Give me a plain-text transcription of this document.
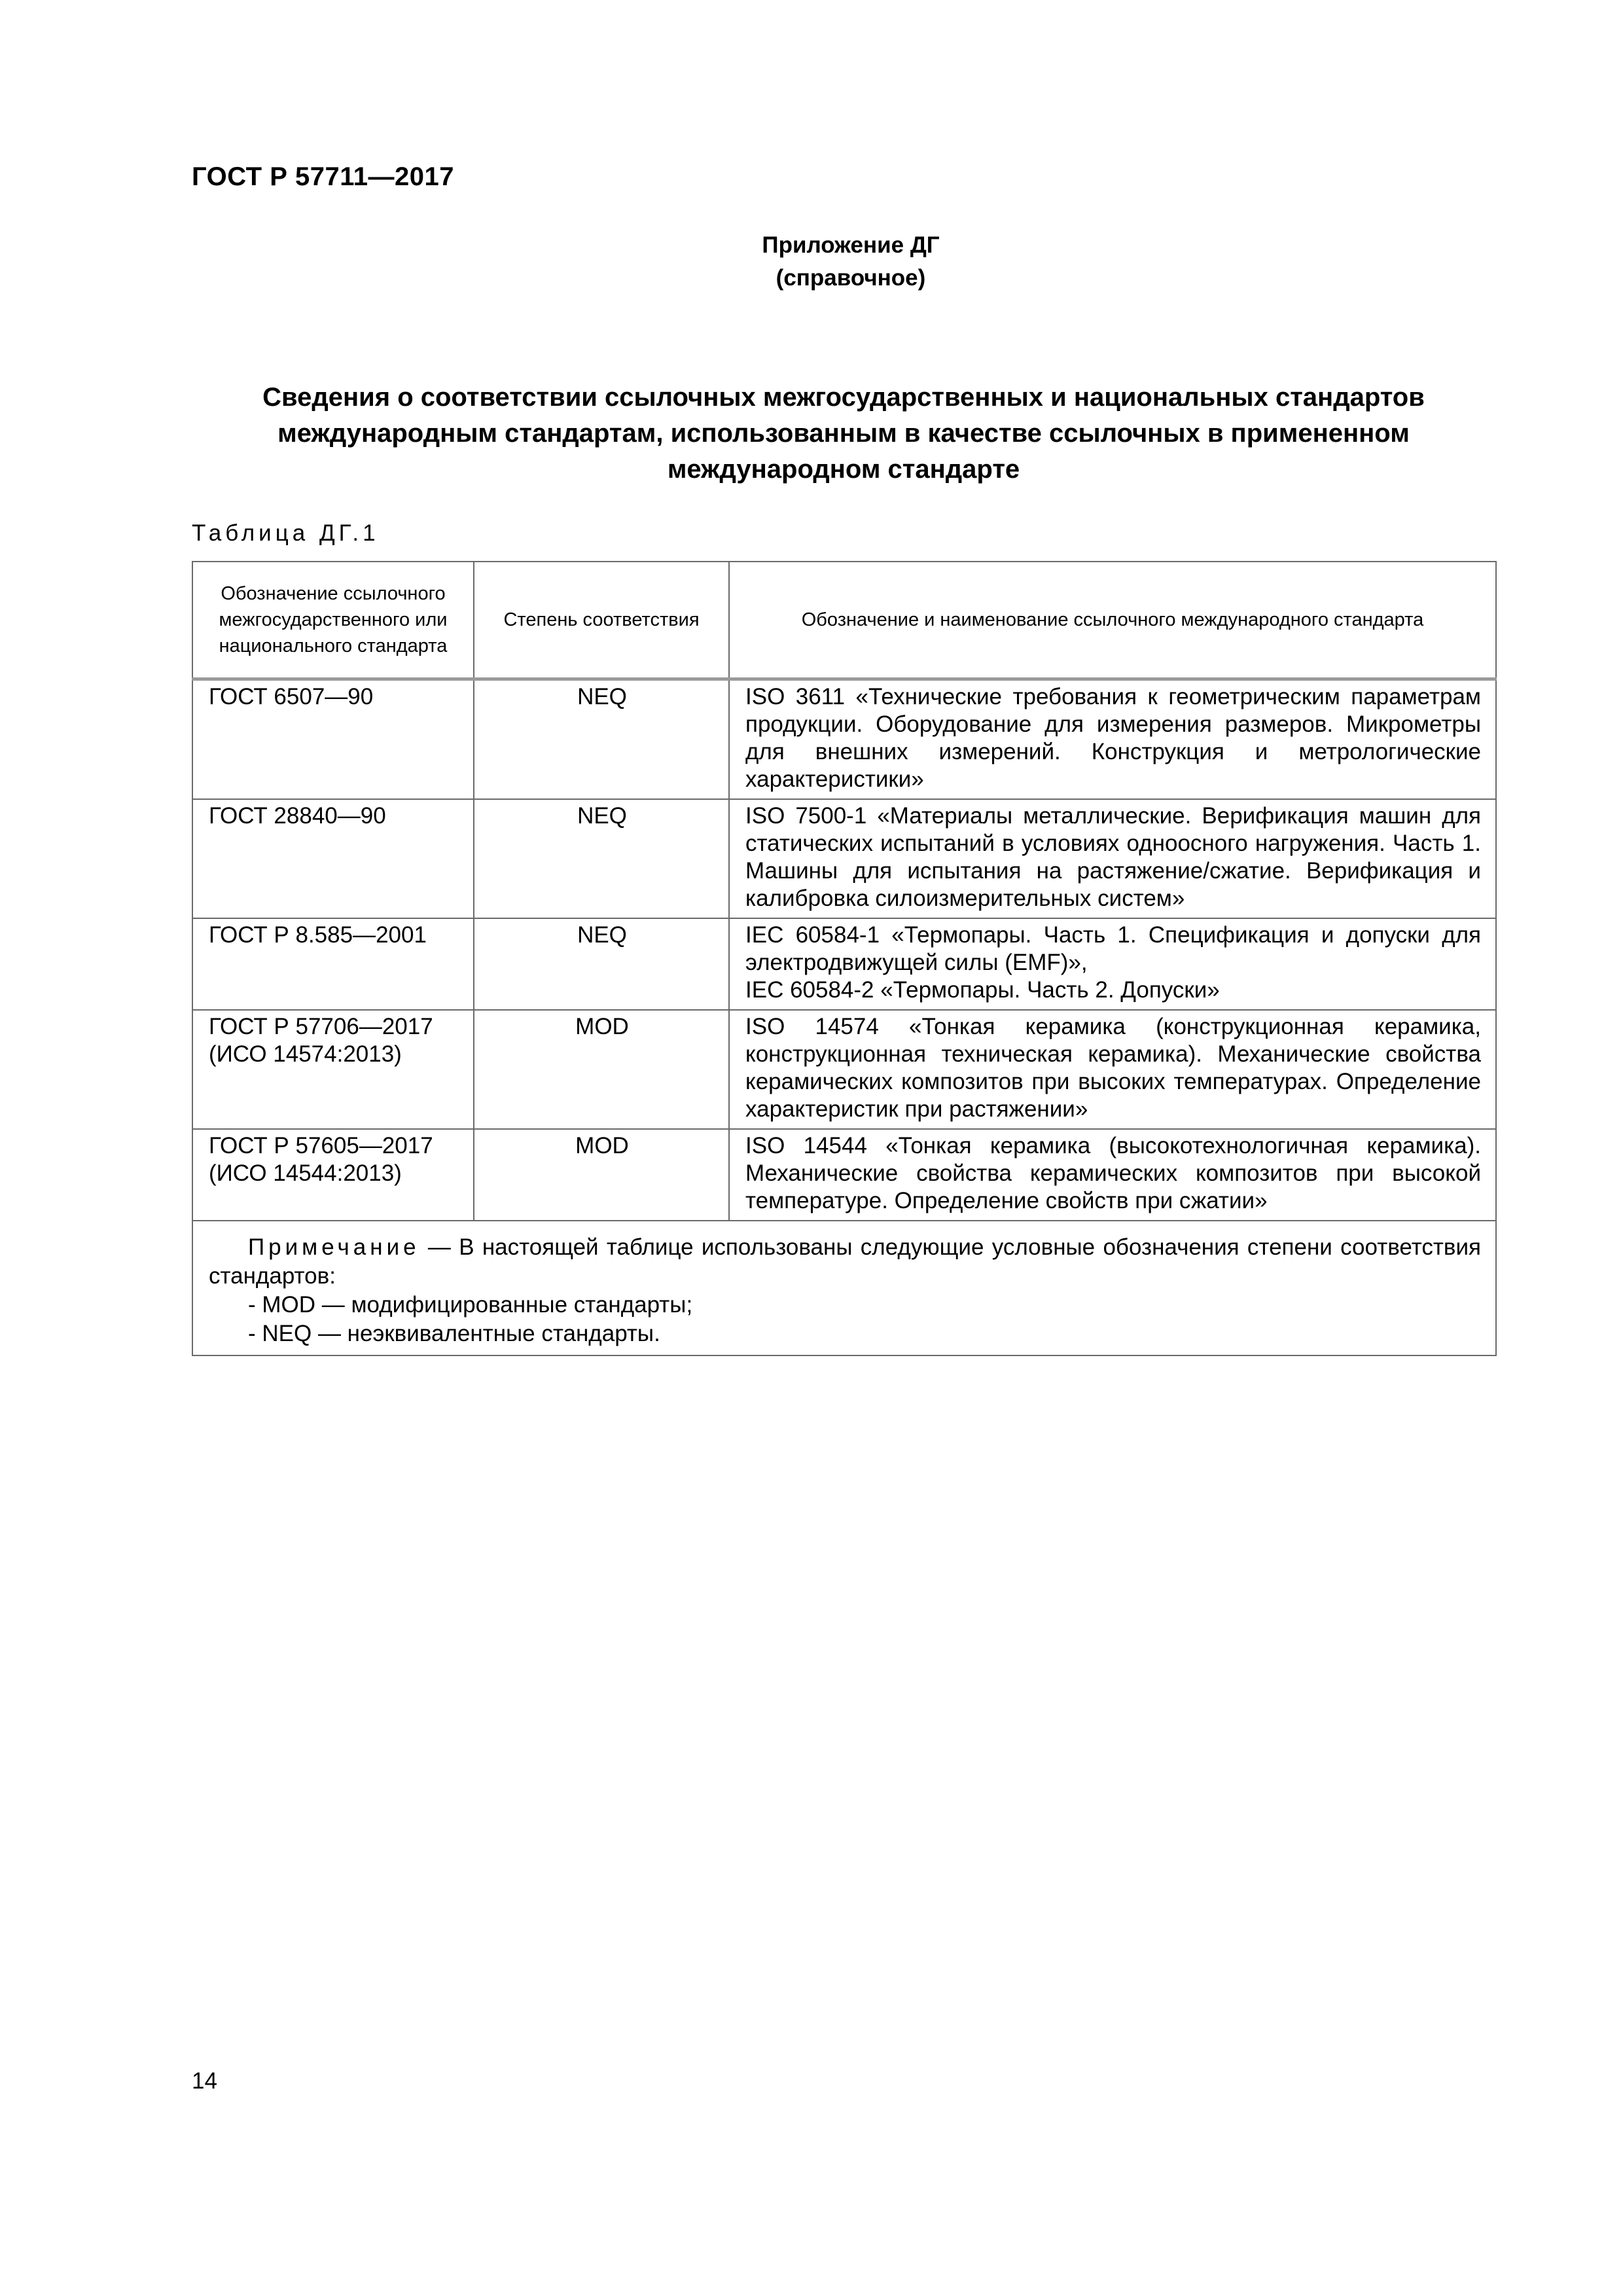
ГОСТ Р 57711—2017
Приложение ДГ
(справочное)
Сведения о соответствии ссылочных межгосударственных и национальных стандартов
международным стандартам, использованным в качестве ссылочных в примененном
международном стандарте
Таблица ДГ.1
Обозначение ссылочного межгосударственного или национального стандарта	Степень соответствия	Обозначение и наименование ссылочного международного стандарта
ГОСТ 6507—90	NEQ	ISO 3611 «Технические требования к геометрическим параметрам продукции. Оборудование для измерения размеров. Микрометры для внешних измерений. Конструкция и метрологические характеристики»
ГОСТ 28840—90	NEQ	ISO 7500-1 «Материалы металлические. Верификация машин для статических испытаний в условиях одноосного нагружения. Часть 1. Машины для испытания на растяжение/сжатие. Верификация и калибровка силоизмерительных систем»
ГОСТ Р 8.585—2001	NEQ	IEC 60584-1 «Термопары. Часть 1. Спецификация и допуски для электродвижущей силы (EMF)»,
IEC 60584-2 «Термопары. Часть 2. Допуски»

ГОСТ Р 57706—2017 (ИСО 14574:2013)	MOD	ISO 14574 «Тонкая керамика (конструкционная керамика, конструкционная техническая керамика). Механические свойства керамических композитов при высоких температурах. Определение характеристик при растяжении»
ГОСТ Р 57605—2017 (ИСО 14544:2013)	MOD	ISO 14544 «Тонкая керамика (высокотехнологичная керамика). Механические свойства керамических композитов при высокой температуре. Определение свойств при сжатии»

Примечание — В настоящей таблице использованы следующие условные обозначения степени соответствия стандартов:
- MOD — модифицированные стандарты;
- NEQ — неэквивалентные стандарты.		
14
